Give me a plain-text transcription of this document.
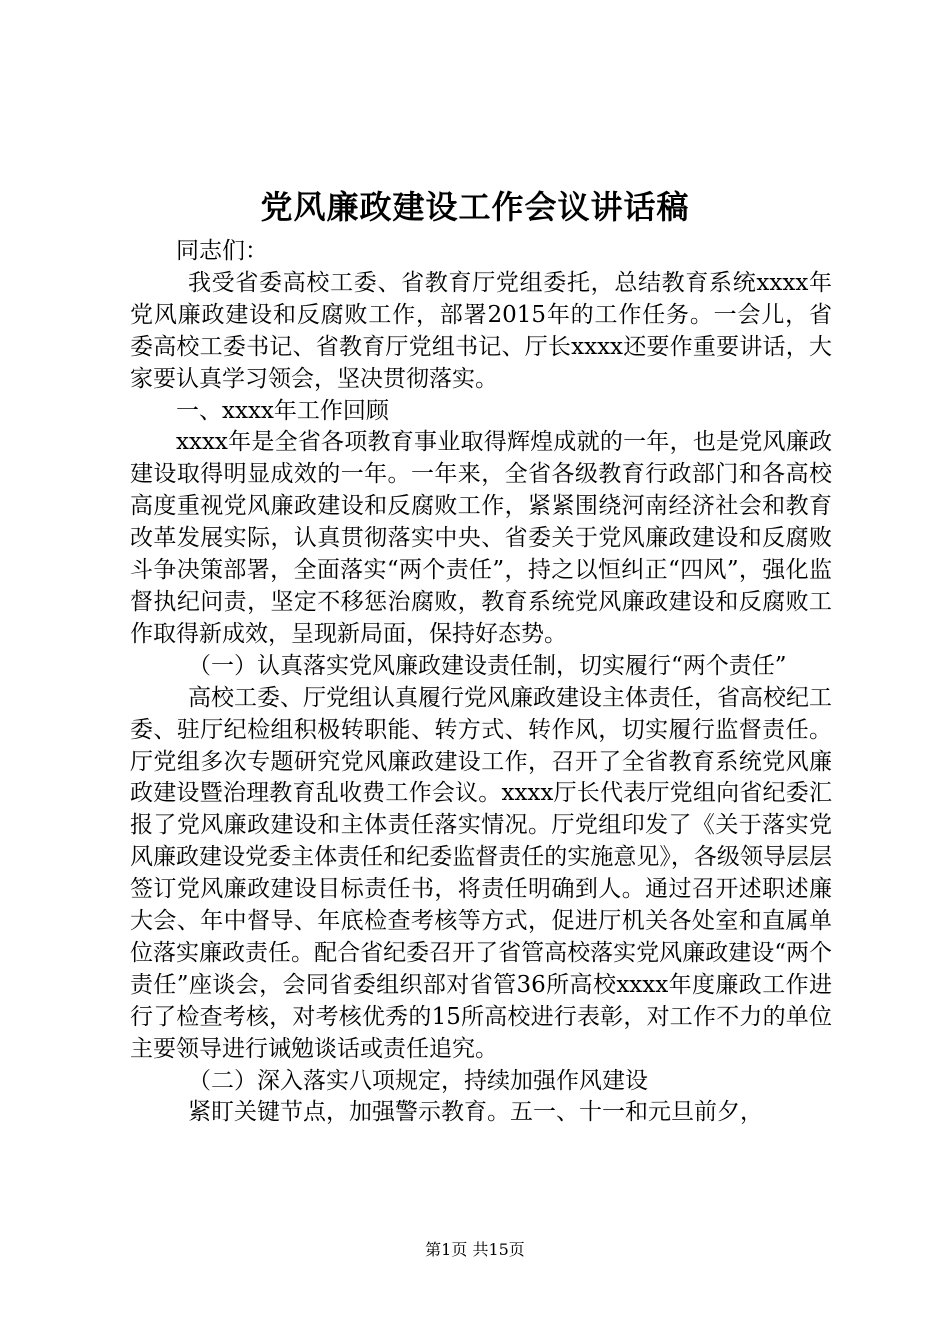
党风廉政建设工作会议讲话稿

同志们：

我受省委高校工委、省教育厅党组委托，总结教育系统xxxx年党风廉政建设和反腐败工作，部署2015年的工作任务。一会儿，省委高校工委书记、省教育厅党组书记、厅长xxxx还要作重要讲话，大家要认真学习领会，坚决贯彻落实。

一、xxxx年工作回顾

xxxx年是全省各项教育事业取得辉煌成就的一年，也是党风廉政建设取得明显成效的一年。一年来，全省各级教育行政部门和各高校高度重视党风廉政建设和反腐败工作，紧紧围绕河南经济社会和教育改革发展实际，认真贯彻落实中央、省委关于党风廉政建设和反腐败斗争决策部署，全面落实“两个责任”，持之以恒纠正“四风”，强化监督执纪问责，坚定不移惩治腐败，教育系统党风廉政建设和反腐败工作取得新成效，呈现新局面，保持好态势。

（一）认真落实党风廉政建设责任制，切实履行“两个责任”

高校工委、厅党组认真履行党风廉政建设主体责任，省高校纪工委、驻厅纪检组积极转职能、转方式、转作风，切实履行监督责任。厅党组多次专题研究党风廉政建设工作，召开了全省教育系统党风廉政建设暨治理教育乱收费工作会议。xxxx厅长代表厅党组向省纪委汇报了党风廉政建设和主体责任落实情况。厅党组印发了《关于落实党风廉政建设党委主体责任和纪委监督责任的实施意见》，各级领导层层签订党风廉政建设目标责任书，将责任明确到人。通过召开述职述廉大会、年中督导、年底检查考核等方式，促进厅机关各处室和直属单位落实廉政责任。配合省纪委召开了省管高校落实党风廉政建设“两个责任”座谈会，会同省委组织部对省管36所高校xxxx年度廉政工作进行了检查考核，对考核优秀的15所高校进行表彰，对工作不力的单位主要领导进行诫勉谈话或责任追究。

（二）深入落实八项规定，持续加强作风建设

紧盯关键节点，加强警示教育。五一、十一和元旦前夕，

第1页 共15页
